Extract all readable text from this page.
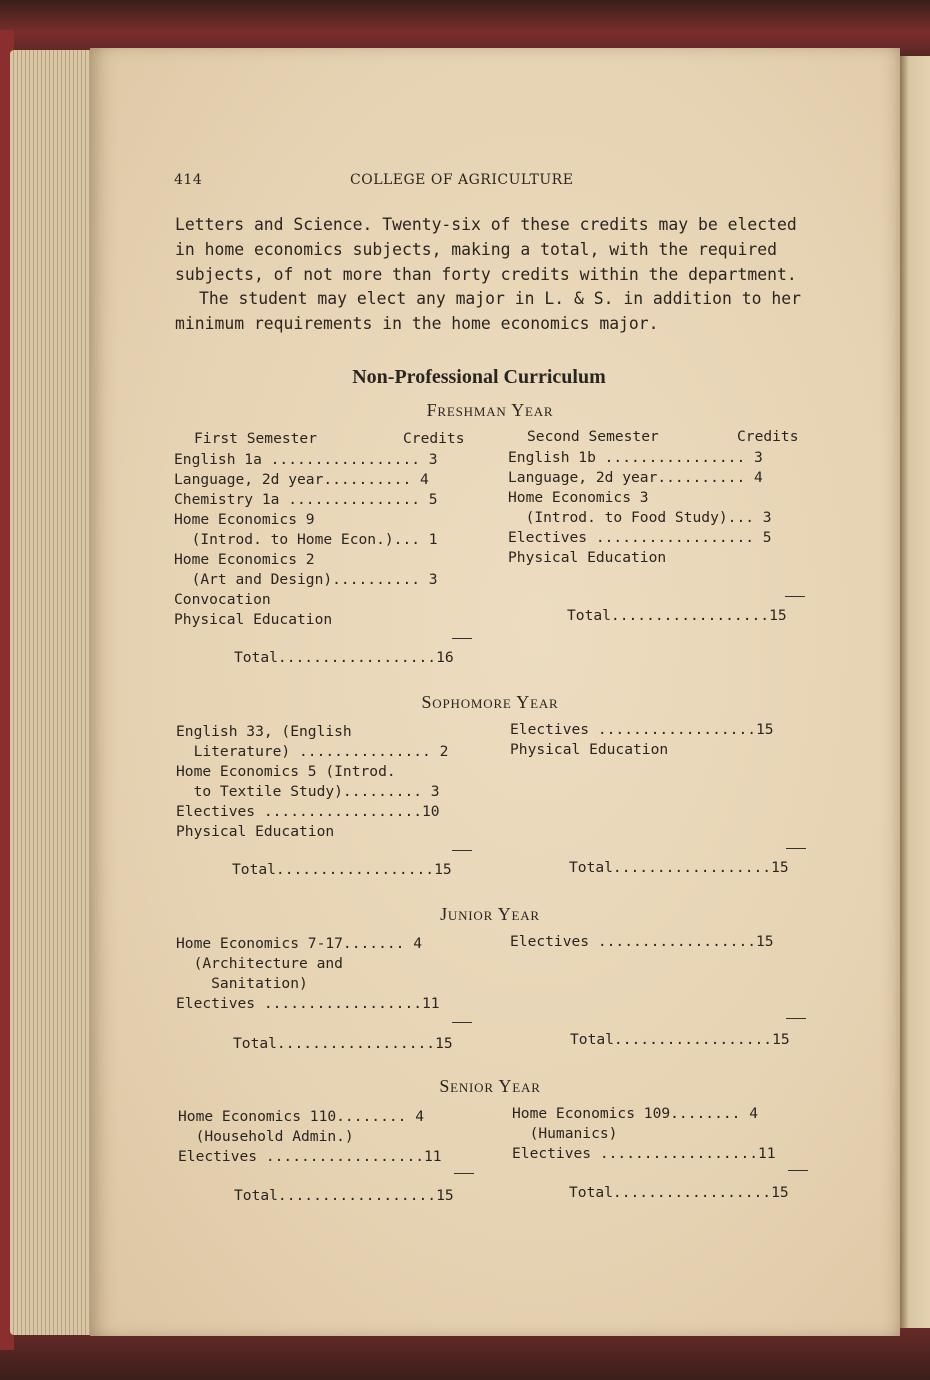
414	COLLEGE OF AGRICULTURE
Letters and Science. Twenty-six of these credits may be elected in home economics subjects, making a total, with the required subjects, of not more than forty credits within the department.
The student may elect any major in L. & S. in addition to her minimum requirements in the home economics major.
Non-Professional Curriculum
Freshman Year
First Semester	Credits	Second Semester	Credits
English 1a ................. 3
Language, 2d year.......... 4
Chemistry 1a ............... 5
Home Economics 9
(Introd. to Home Econ.)... 1
Home Economics 2
(Art and Design).......... 3
Convocation
Physical Education
Total..................16
English 1b ................ 3
Language, 2d year.......... 4
Home Economics 3
(Introd. to Food Study)... 3
Electives .................. 5
Physical Education
Total..................15
Sophomore Year
English 33, (English
Literature) ............... 2
Home Economics 5 (Introd.
to Textile Study)......... 3
Electives ..................10
Physical Education
Total..................15
Electives ..................15
Physical Education
Total..................15
Junior Year
Home Economics 7-17....... 4
(Architecture and
Sanitation)
Electives ..................11
Total..................15
Electives ..................15
Total..................15
Senior Year
Home Economics 110........ 4
(Household Admin.)
Electives ..................11
Total..................15
Home Economics 109........ 4
(Humanics)
Electives ..................11
Total..................15
